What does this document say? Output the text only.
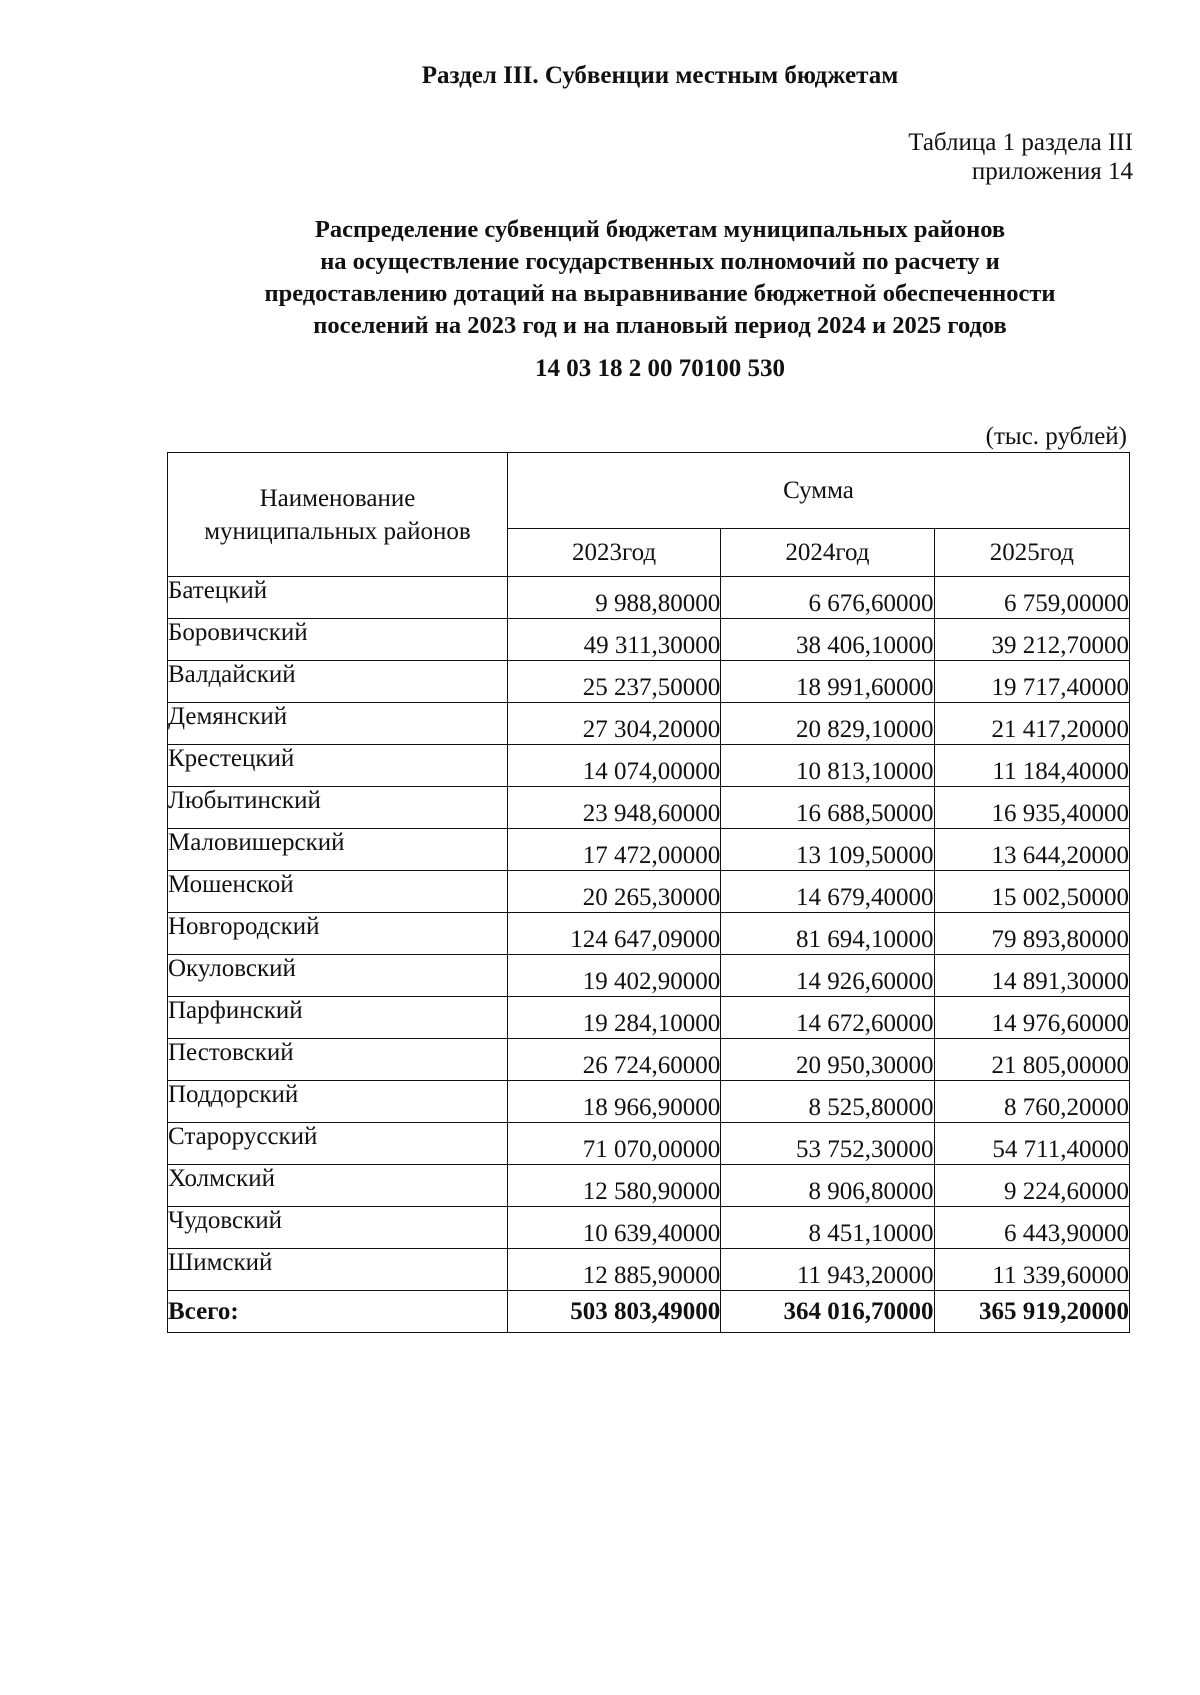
Раздел III. Субвенции местным бюджетам
Таблица 1 раздела III
приложения 14
Распределение субвенций бюджетам муниципальных районов
на осуществление государственных полномочий по расчету и
предоставлению дотаций на выравнивание бюджетной обеспеченности
поселений на 2023 год и на плановый период 2024 и 2025 годов
14 03 18 2 00 70100 530
(тыс. рублей)
Наименование
муниципальных районов	Сумма		
	2023год	2024год	2025год
Батецкий	9 988,80000	6 676,60000	6 759,00000
Боровичский	49 311,30000	38 406,10000	39 212,70000
Валдайский	25 237,50000	18 991,60000	19 717,40000
Демянский	27 304,20000	20 829,10000	21 417,20000
Крестецкий	14 074,00000	10 813,10000	11 184,40000
Любытинский	23 948,60000	16 688,50000	16 935,40000
Маловишерский	17 472,00000	13 109,50000	13 644,20000
Мошенской	20 265,30000	14 679,40000	15 002,50000
Новгородский	124 647,09000	81 694,10000	79 893,80000
Окуловский	19 402,90000	14 926,60000	14 891,30000
Парфинский	19 284,10000	14 672,60000	14 976,60000
Пестовский	26 724,60000	20 950,30000	21 805,00000
Поддорский	18 966,90000	8 525,80000	8 760,20000
Старорусский	71 070,00000	53 752,30000	54 711,40000
Холмский	12 580,90000	8 906,80000	9 224,60000
Чудовский	10 639,40000	8 451,10000	6 443,90000
Шимский	12 885,90000	11 943,20000	11 339,60000
Всего:	503 803,49000	364 016,70000	365 919,20000
